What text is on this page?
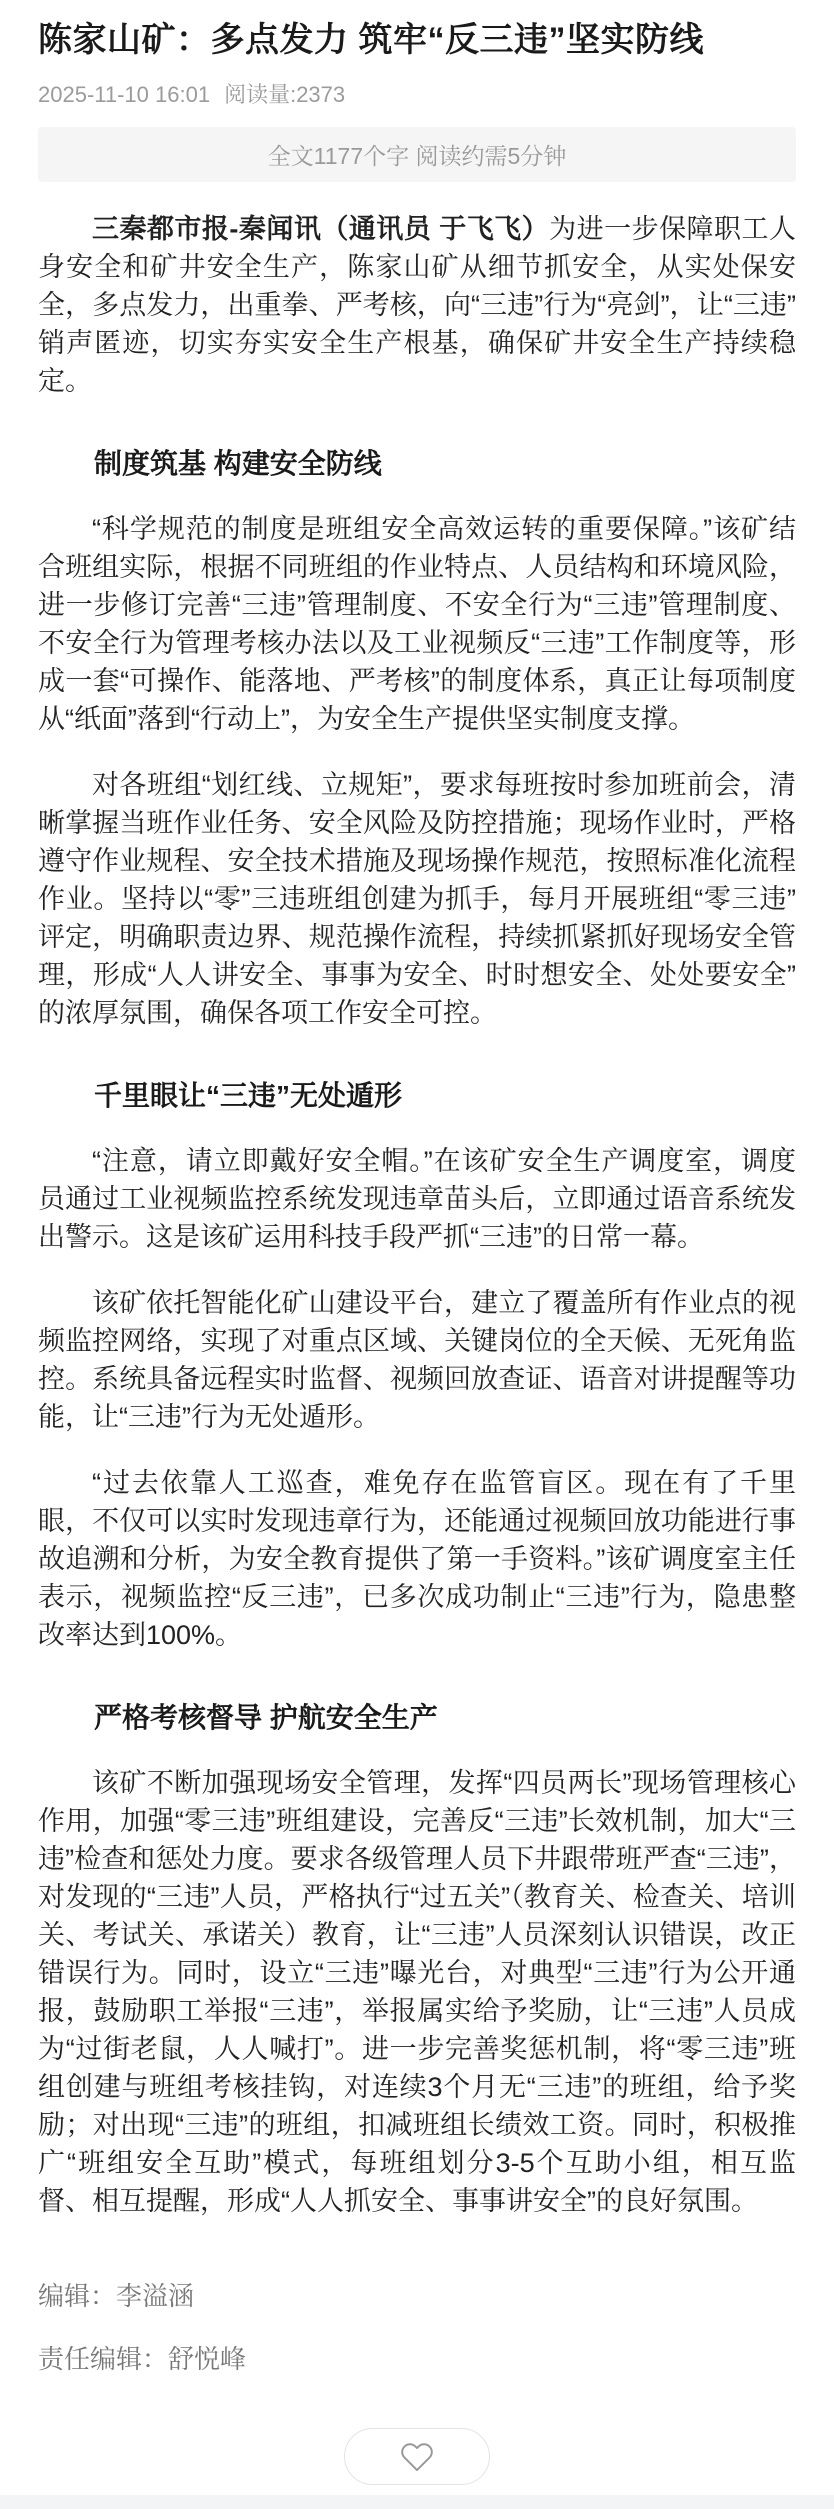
陈家山矿：多点发力 筑牢“反三违”坚实防线
2025-11-10 16:01 阅读量:2373
全文1177个字 阅读约需5分钟

三秦都市报-秦闻讯（通讯员 于飞飞）为进一步保障职工人身安全和矿井安全生产，陈家山矿从细节抓安全，从实处保安全，多点发力，出重拳、严考核，向“三违”行为“亮剑”，让“三违”销声匿迹，切实夯实安全生产根基，确保矿井安全生产持续稳定。

制度筑基 构建安全防线

“科学规范的制度是班组安全高效运转的重要保障。”该矿结合班组实际，根据不同班组的作业特点、人员结构和环境风险，进一步修订完善“三违”管理制度、不安全行为“三违”管理制度、不安全行为管理考核办法以及工业视频反“三违”工作制度等，形成一套“可操作、能落地、严考核”的制度体系，真正让每项制度从“纸面”落到“行动上”，为安全生产提供坚实制度支撑。

对各班组“划红线、立规矩”，要求每班按时参加班前会，清晰掌握当班作业任务、安全风险及防控措施；现场作业时，严格遵守作业规程、安全技术措施及现场操作规范，按照标准化流程作业。坚持以“零”三违班组创建为抓手，每月开展班组“零三违”评定，明确职责边界、规范操作流程，持续抓紧抓好现场安全管理，形成“人人讲安全、事事为安全、时时想安全、处处要安全”的浓厚氛围，确保各项工作安全可控。

千里眼让“三违”无处遁形

“注意，请立即戴好安全帽。”在该矿安全生产调度室，调度员通过工业视频监控系统发现违章苗头后，立即通过语音系统发出警示。这是该矿运用科技手段严抓“三违”的日常一幕。

该矿依托智能化矿山建设平台，建立了覆盖所有作业点的视频监控网络，实现了对重点区域、关键岗位的全天候、无死角监控。系统具备远程实时监督、视频回放查证、语音对讲提醒等功能，让“三违”行为无处遁形。

“过去依靠人工巡查，难免存在监管盲区。现在有了千里眼，不仅可以实时发现违章行为，还能通过视频回放功能进行事故追溯和分析，为安全教育提供了第一手资料。”该矿调度室主任表示，视频监控“反三违”，已多次成功制止“三违”行为，隐患整改率达到100%。

严格考核督导 护航安全生产

该矿不断加强现场安全管理，发挥“四员两长”现场管理核心作用，加强“零三违”班组建设，完善反“三违”长效机制，加大“三违”检查和惩处力度。要求各级管理人员下井跟带班严查“三违”，对发现的“三违”人员，严格执行“过五关”（教育关、检查关、培训关、考试关、承诺关）教育，让“三违”人员深刻认识错误，改正错误行为。同时，设立“三违”曝光台，对典型“三违”行为公开通报，鼓励职工举报“三违”，举报属实给予奖励，让“三违”人员成为“过街老鼠，人人喊打”。进一步完善奖惩机制，将“零三违”班组创建与班组考核挂钩，对连续3个月无“三违”的班组，给予奖励；对出现“三违”的班组，扣减班组长绩效工资。同时，积极推广“班组安全互助”模式，每班组划分3-5个互助小组，相互监督、相互提醒，形成“人人抓安全、事事讲安全”的良好氛围。

编辑：李溢涵
责任编辑：舒悦峰
